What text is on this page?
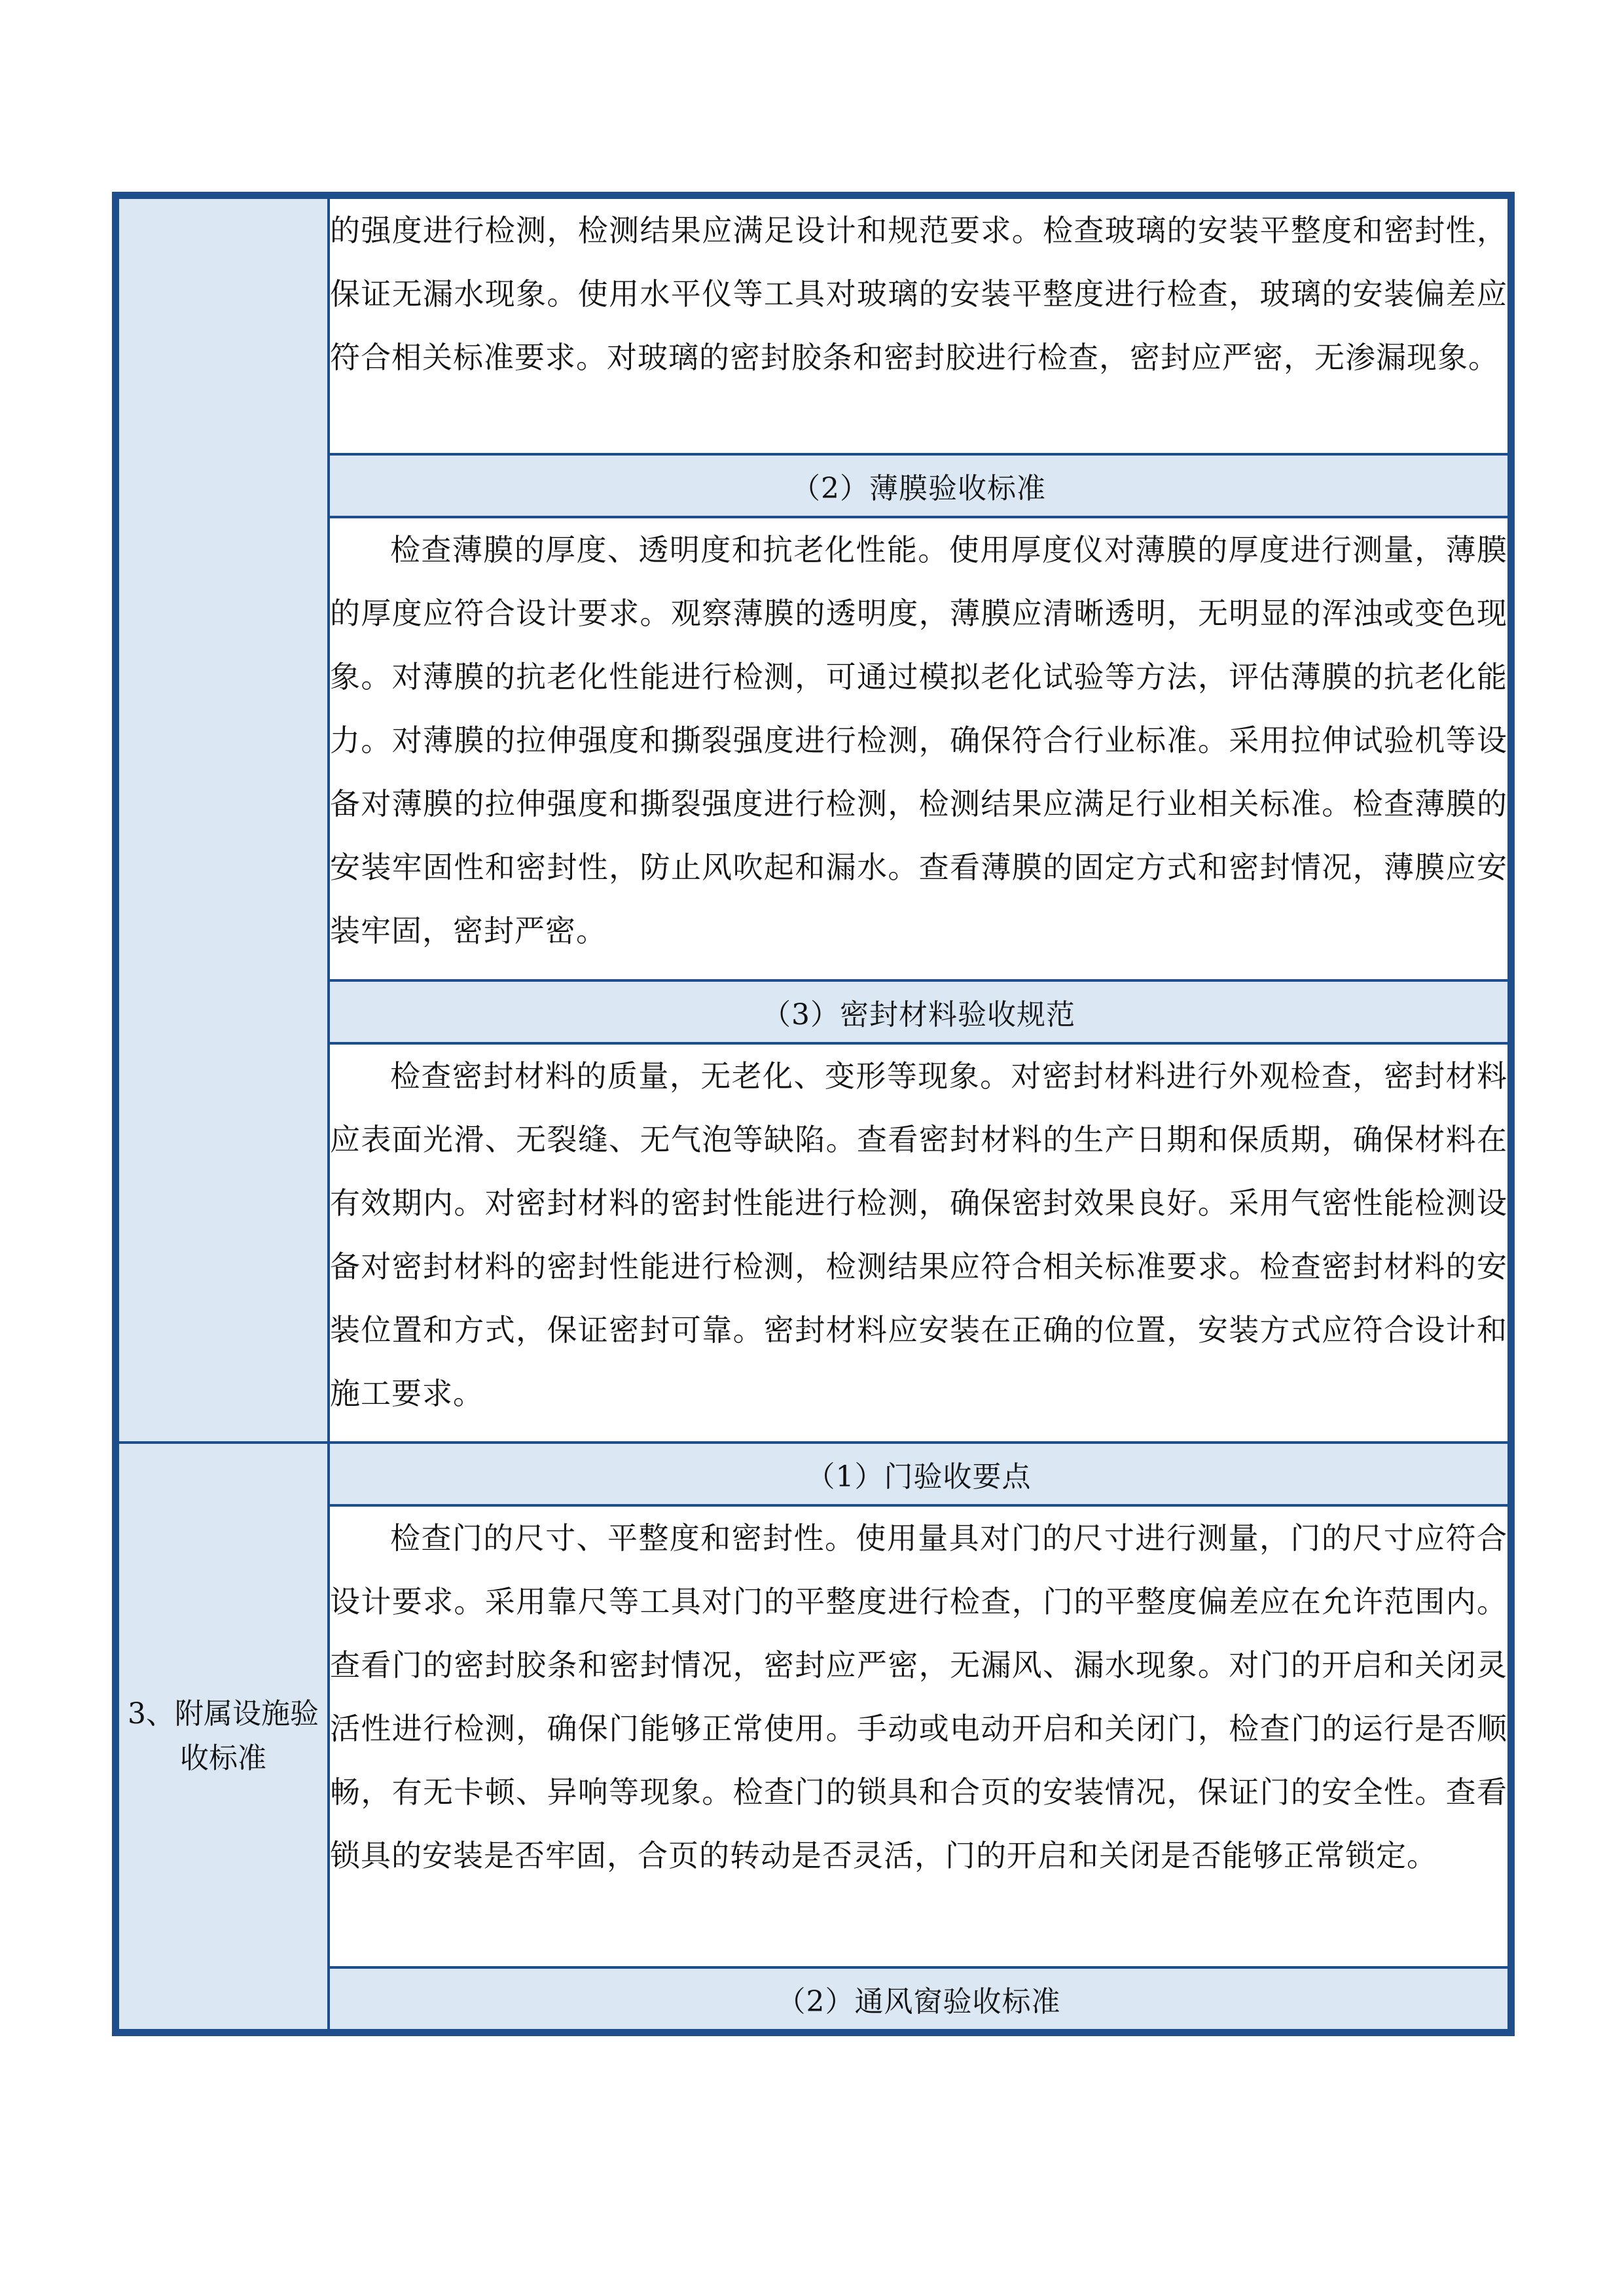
	的强度进行检测，检测结果应满足设计和规范要求。检查玻璃的安装平整度和密封性，保证无漏水现象。使用水平仪等工具对玻璃的安装平整度进行检查，玻璃的安装偏差应符合相关标准要求。对玻璃的密封胶条和密封胶进行检查，密封应严密，无渗漏现象。

	（2）薄膜验收标准

	检查薄膜的厚度、透明度和抗老化性能。使用厚度仪对薄膜的厚度进行测量，薄膜的厚度应符合设计要求。观察薄膜的透明度，薄膜应清晰透明，无明显的浑浊或变色现象。对薄膜的抗老化性能进行检测，可通过模拟老化试验等方法，评估薄膜的抗老化能力。对薄膜的拉伸强度和撕裂强度进行检测，确保符合行业标准。采用拉伸试验机等设备对薄膜的拉伸强度和撕裂强度进行检测，检测结果应满足行业相关标准。检查薄膜的安装牢固性和密封性，防止风吹起和漏水。查看薄膜的固定方式和密封情况，薄膜应安装牢固，密封严密。

	（3）密封材料验收规范

	检查密封材料的质量，无老化、变形等现象。对密封材料进行外观检查，密封材料应表面光滑、无裂缝、无气泡等缺陷。查看密封材料的生产日期和保质期，确保材料在有效期内。对密封材料的密封性能进行检测，确保密封效果良好。采用气密性能检测设备对密封材料的密封性能进行检测，检测结果应符合相关标准要求。检查密封材料的安装位置和方式，保证密封可靠。密封材料应安装在正确的位置，安装方式应符合设计和施工要求。

3、附属设施验收标准	（1）门验收要点

	检查门的尺寸、平整度和密封性。使用量具对门的尺寸进行测量，门的尺寸应符合设计要求。采用靠尺等工具对门的平整度进行检查，门的平整度偏差应在允许范围内。查看门的密封胶条和密封情况，密封应严密，无漏风、漏水现象。对门的开启和关闭灵活性进行检测，确保门能够正常使用。手动或电动开启和关闭门，检查门的运行是否顺畅，有无卡顿、异响等现象。检查门的锁具和合页的安装情况，保证门的安全性。查看锁具的安装是否牢固，合页的转动是否灵活，门的开启和关闭是否能够正常锁定。

	（2）通风窗验收标准
